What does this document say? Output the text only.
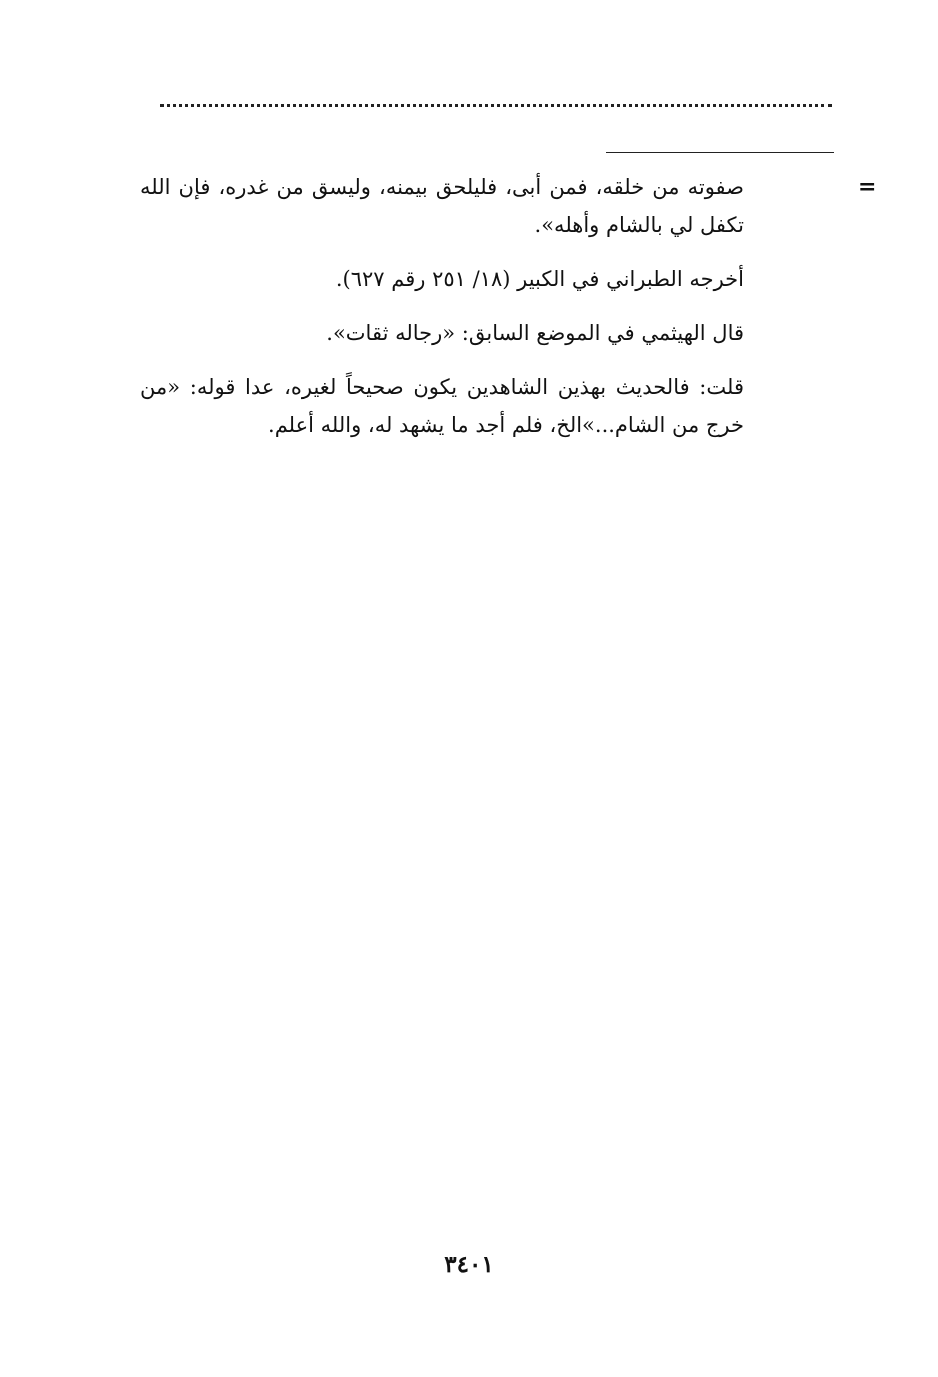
=

صفوته من خلقه، فمن أبى، فليلحق بيمنه، وليسق من غدره، فإن الله تكفل لي بالشام وأهله».

أخرجه الطبراني في الكبير (١٨/ ٢٥١ رقم ٦٢٧).

قال الهيثمي في الموضع السابق: «رجاله ثقات».

قلت: فالحديث بهذين الشاهدين يكون صحيحاً لغيره، عدا قوله: «من خرج من الشام...»الخ، فلم أجد ما يشهد له، والله أعلم.

٣٤٠١
